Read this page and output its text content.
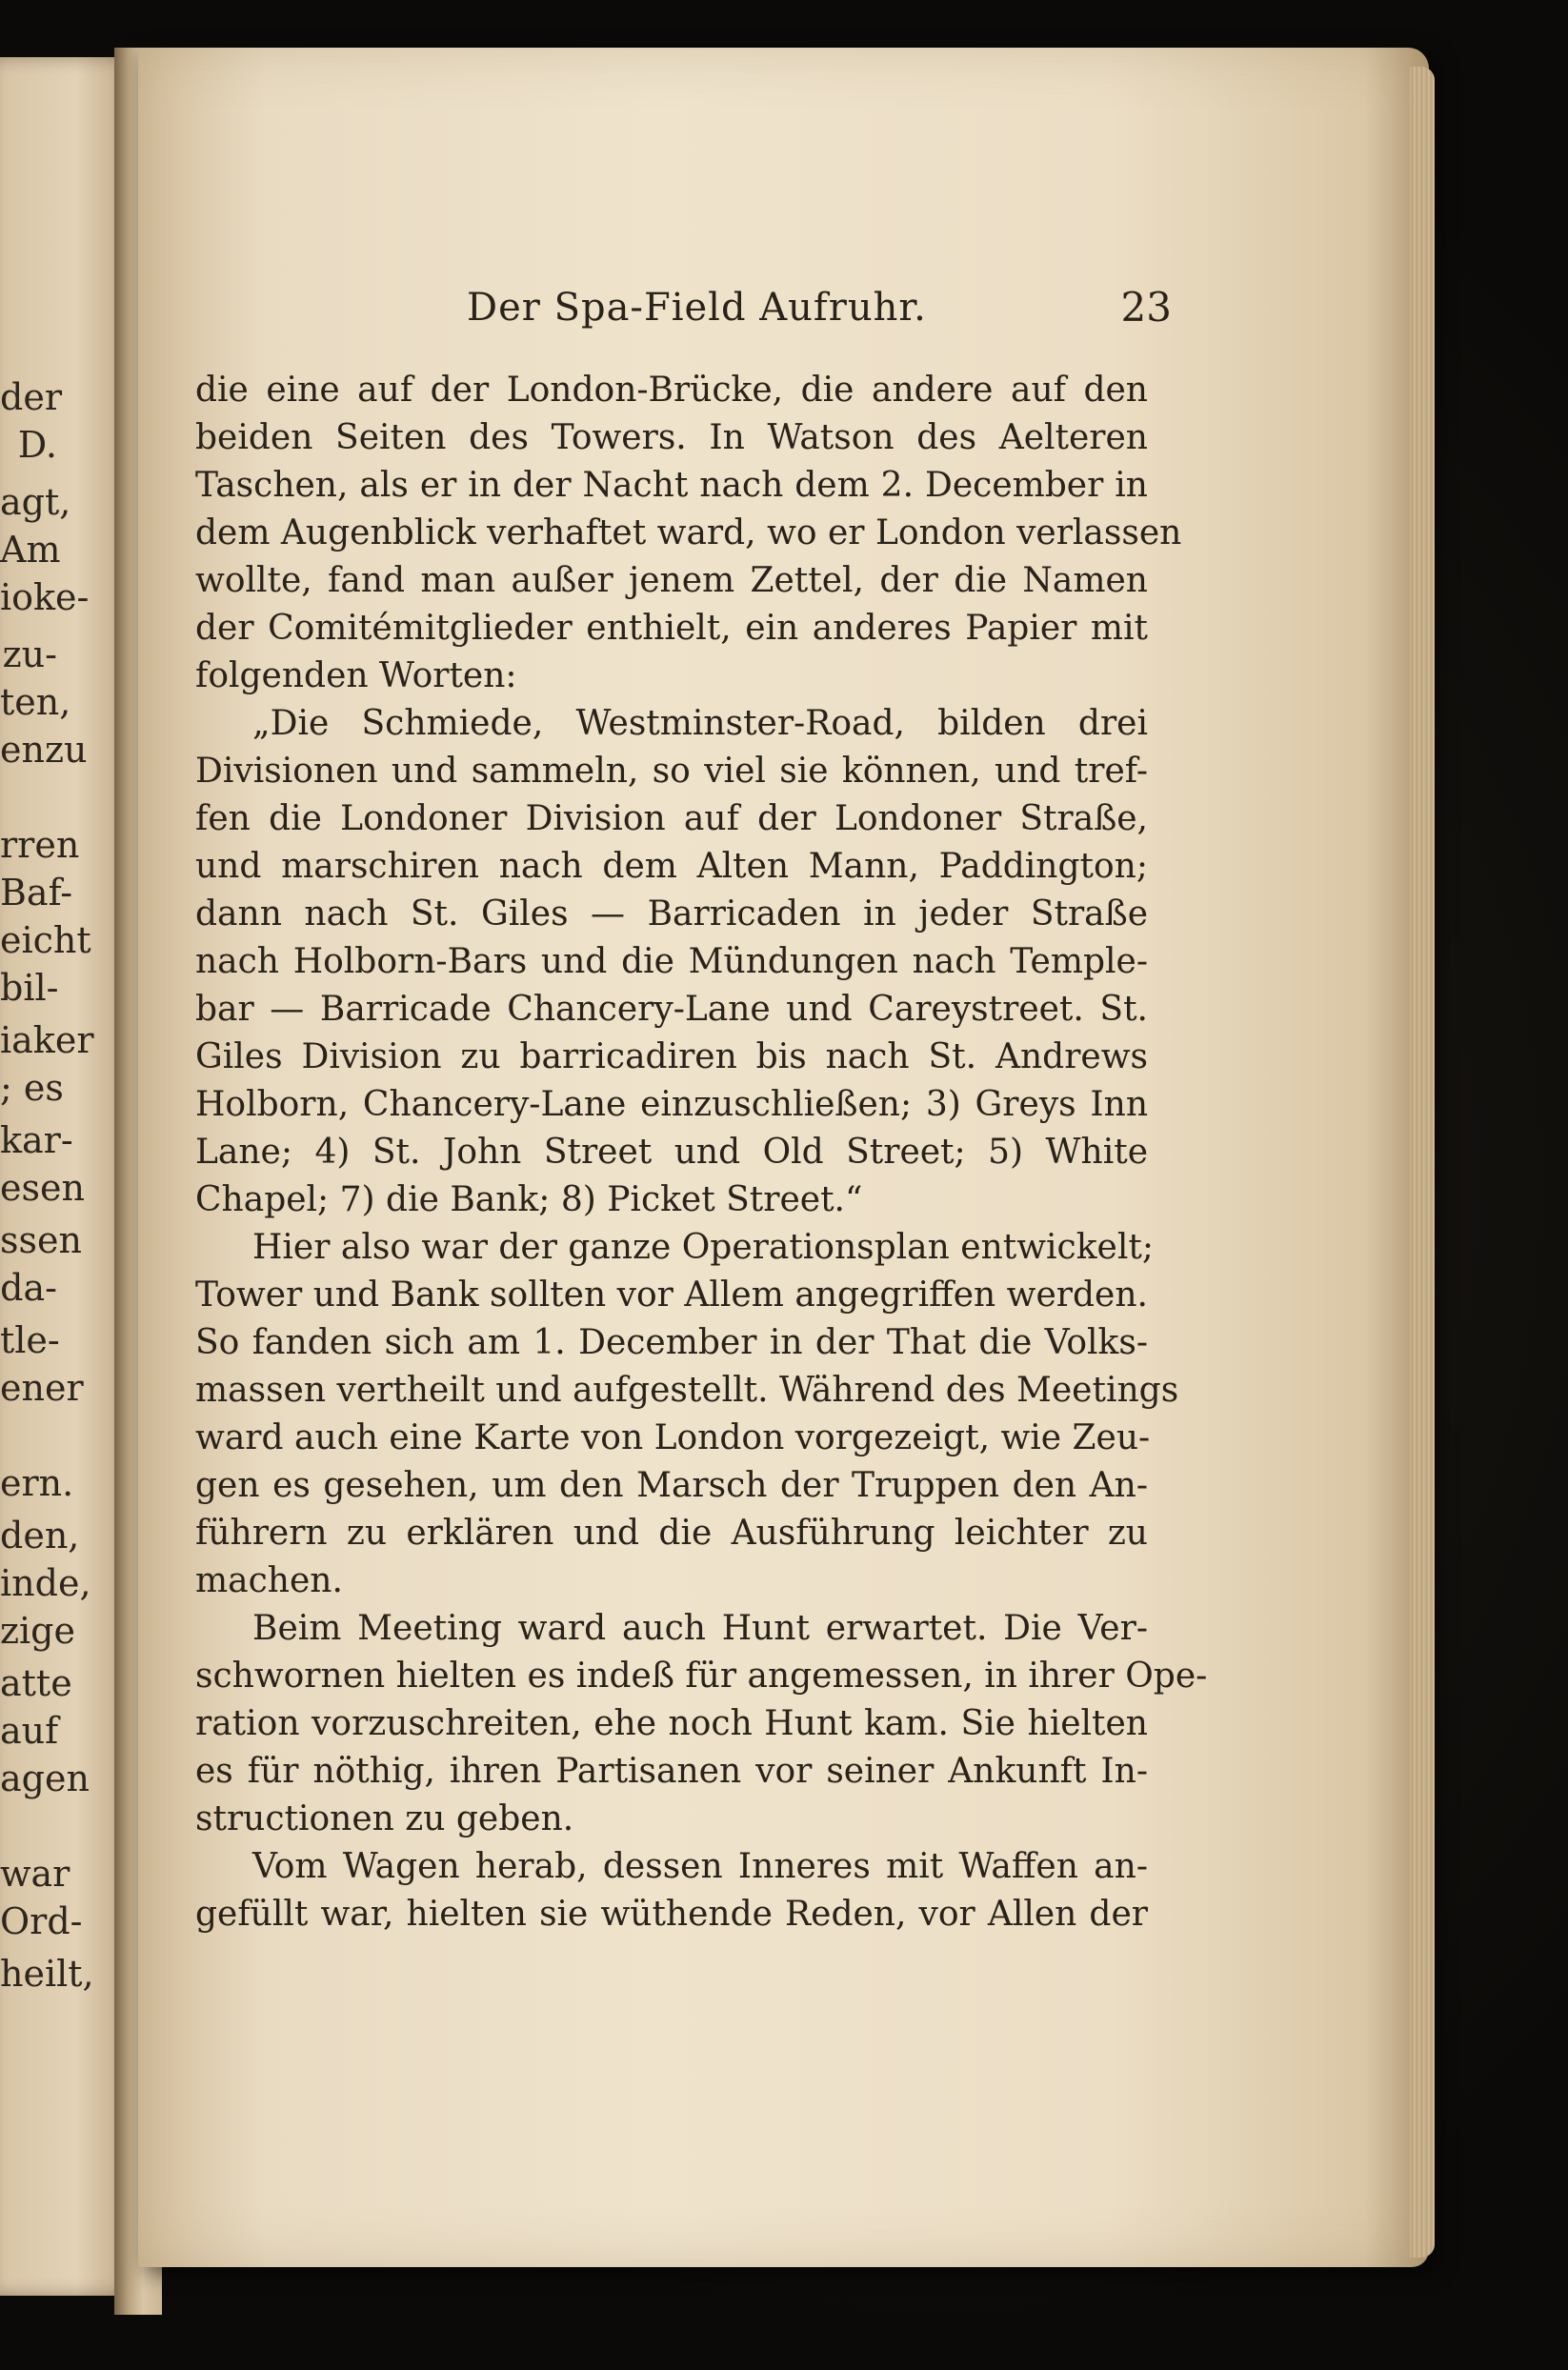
der
D.
agt,
Am
ioke-
zu-
ten,
enzu
rren
Baf-
eicht
bil-
iaker
; es
kar-
esen
ssen
da-
tle-
ener
ern.
den,
inde,
zige
atte
auf
agen
war
Ord-
heilt,
Der Spa-Field Aufruhr.	23
die eine auf der London-Brücke, die andere auf den
beiden Seiten des Towers. In Watson des Aelteren
Taschen, als er in der Nacht nach dem 2. December in
dem Augenblick verhaftet ward, wo er London verlassen
wollte, fand man außer jenem Zettel, der die Namen
der Comitémitglieder enthielt, ein anderes Papier mit
folgenden Worten:
„Die Schmiede, Westminster-Road, bilden drei
Divisionen und sammeln, so viel sie können, und tref-
fen die Londoner Division auf der Londoner Straße,
und marschiren nach dem Alten Mann, Paddington;
dann nach St. Giles — Barricaden in jeder Straße
nach Holborn-Bars und die Mündungen nach Temple-
bar — Barricade Chancery-Lane und Careystreet. St.
Giles Division zu barricadiren bis nach St. Andrews
Holborn, Chancery-Lane einzuschließen; 3) Greys Inn
Lane; 4) St. John Street und Old Street; 5) White
Chapel; 7) die Bank; 8) Picket Street.“
Hier also war der ganze Operationsplan entwickelt;
Tower und Bank sollten vor Allem angegriffen werden.
So fanden sich am 1. December in der That die Volks-
massen vertheilt und aufgestellt. Während des Meetings
ward auch eine Karte von London vorgezeigt, wie Zeu-
gen es gesehen, um den Marsch der Truppen den An-
führern zu erklären und die Ausführung leichter zu
machen.
Beim Meeting ward auch Hunt erwartet. Die Ver-
schwornen hielten es indeß für angemessen, in ihrer Ope-
ration vorzuschreiten, ehe noch Hunt kam. Sie hielten
es für nöthig, ihren Partisanen vor seiner Ankunft In-
structionen zu geben.
Vom Wagen herab, dessen Inneres mit Waffen an-
gefüllt war, hielten sie wüthende Reden, vor Allen der
